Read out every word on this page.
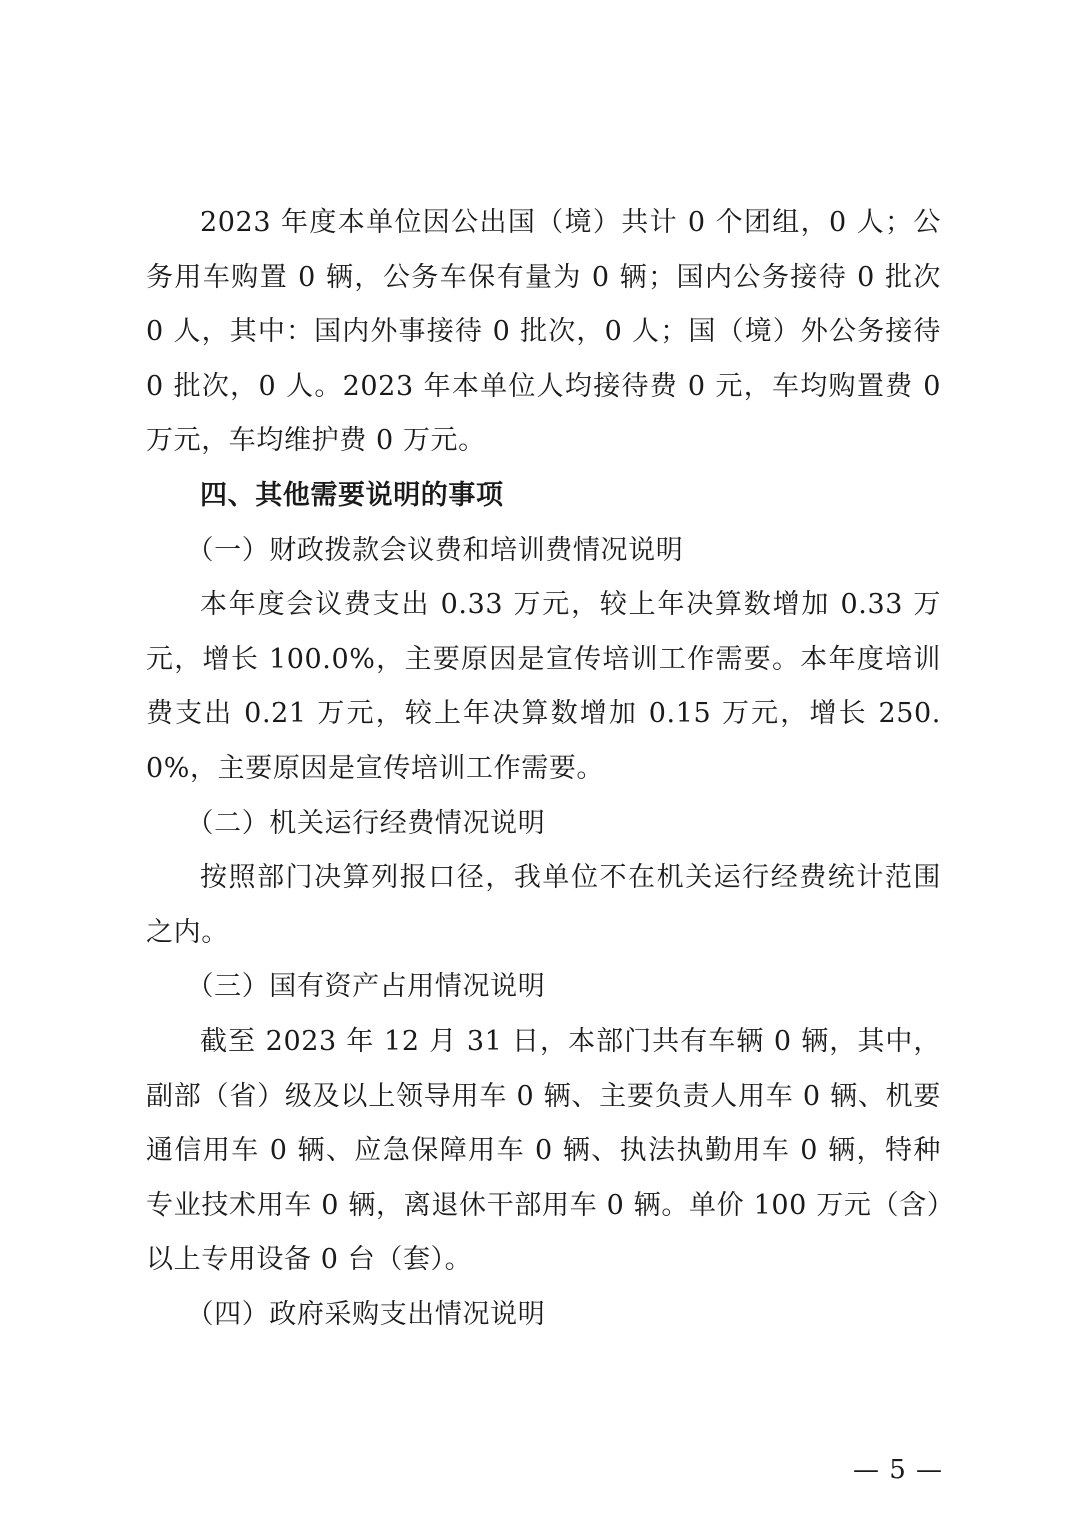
2023 年度本单位因公出国（境）共计 0 个团组，0 人；公务用车购置 0 辆，公务车保有量为 0 辆；国内公务接待 0 批次 0 人，其中：国内外事接待 0 批次，0 人；国（境）外公务接待 0 批次，0 人。2023 年本单位人均接待费 0 元，车均购置费 0 万元，车均维护费 0 万元。

四、其他需要说明的事项

（一）财政拨款会议费和培训费情况说明

本年度会议费支出 0.33 万元，较上年决算数增加 0.33 万元，增长 100.0%，主要原因是宣传培训工作需要。本年度培训费支出 0.21 万元，较上年决算数增加 0.15 万元，增长 250.0%，主要原因是宣传培训工作需要。

（二）机关运行经费情况说明

按照部门决算列报口径，我单位不在机关运行经费统计范围之内。

（三）国有资产占用情况说明

截至 2023 年 12 月 31 日，本部门共有车辆 0 辆，其中，副部（省）级及以上领导用车 0 辆、主要负责人用车 0 辆、机要通信用车 0 辆、应急保障用车 0 辆、执法执勤用车 0 辆，特种专业技术用车 0 辆，离退休干部用车 0 辆。单价 100 万元（含）以上专用设备 0 台（套）。

（四）政府采购支出情况说明

— 5 —
